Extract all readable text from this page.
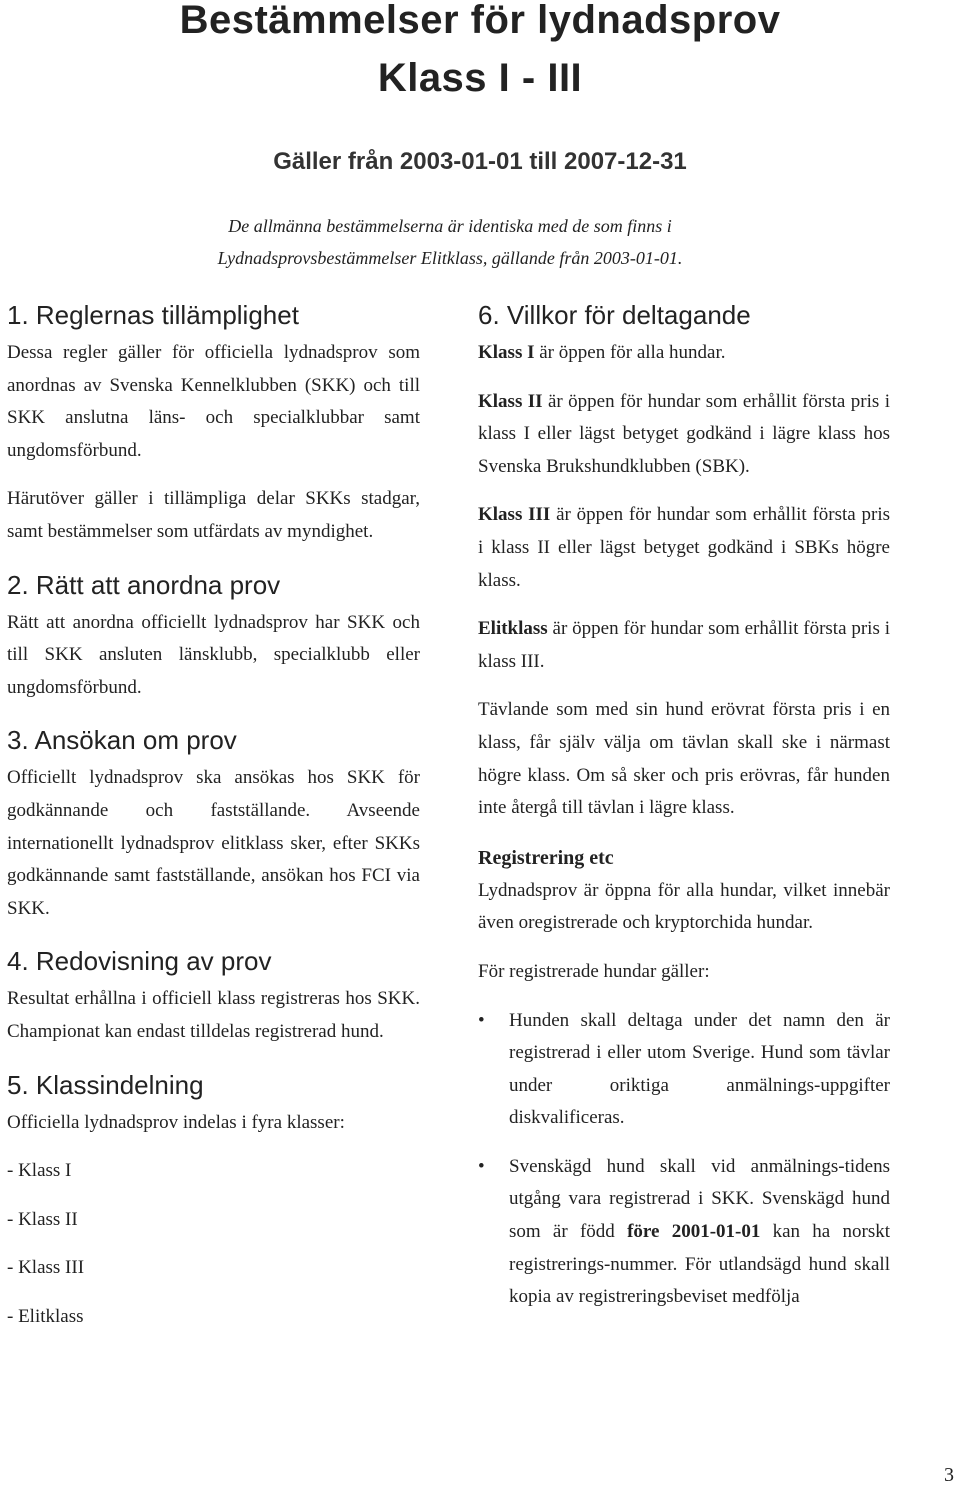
Bestämmelser för lydnadsprov
Klass I - III
Gäller från 2003-01-01 till 2007-12-31
De allmänna bestämmelserna är identiska med de som finns i
Lydnadsprovsbestämmelser Elitklass, gällande från 2003-01-01.
1. Reglernas tillämplighet

Dessa regler gäller för officiella lydnadsprov som anordnas av Svenska Kennelklubben (SKK) och till SKK anslutna läns- och specialklubbar samt ungdomsförbund.

Härutöver gäller i tillämpliga delar SKKs stadgar, samt bestämmelser som utfärdats av myndighet.

2. Rätt att anordna prov

Rätt att anordna officiellt lydnadsprov har SKK och till SKK ansluten länsklubb, specialklubb eller ungdomsförbund.

3. Ansökan om prov

Officiellt lydnadsprov ska ansökas hos SKK för godkännande och fastställande. Avseende internationellt lydnadsprov elitklass sker, efter SKKs godkännande samt fastställande, ansökan hos FCI via SKK.

4. Redovisning av prov

Resultat erhållna i officiell klass registreras hos SKK. Championat kan endast tilldelas registrerad hund.

5. Klassindelning

Officiella lydnadsprov indelas i fyra klasser:

- Klass I
- Klass II
- Klass III
- Elitklass
6. Villkor för deltagande

Klass I är öppen för alla hundar.

Klass II är öppen för hundar som erhållit första pris i klass I eller lägst betyget godkänd i lägre klass hos Svenska Brukshundklubben (SBK).

Klass III är öppen för hundar som erhållit första pris i klass II eller lägst betyget godkänd i SBKs högre klass.

Elitklass är öppen för hundar som erhållit första pris i klass III.

Tävlande som med sin hund erövrat första pris i en klass, får själv välja om tävlan skall ske i närmast högre klass. Om så sker och pris erövras, får hunden inte återgå till tävlan i lägre klass.

Registrering etc

Lydnadsprov är öppna för alla hundar, vilket innebär även oregistrerade och kryptorchida hundar.

För registrerade hundar gäller:

• Hunden skall deltaga under det namn den är registrerad i eller utom Sverige. Hund som tävlar under oriktiga anmälnings-uppgifter diskvalificeras.
• Svenskägd hund skall vid anmälnings-tidens utgång vara registrerad i SKK. Svenskägd hund som är född före 2001-01-01 kan ha norskt registrerings-nummer. För utlandsägd hund skall kopia av registreringsbeviset medfölja
3
